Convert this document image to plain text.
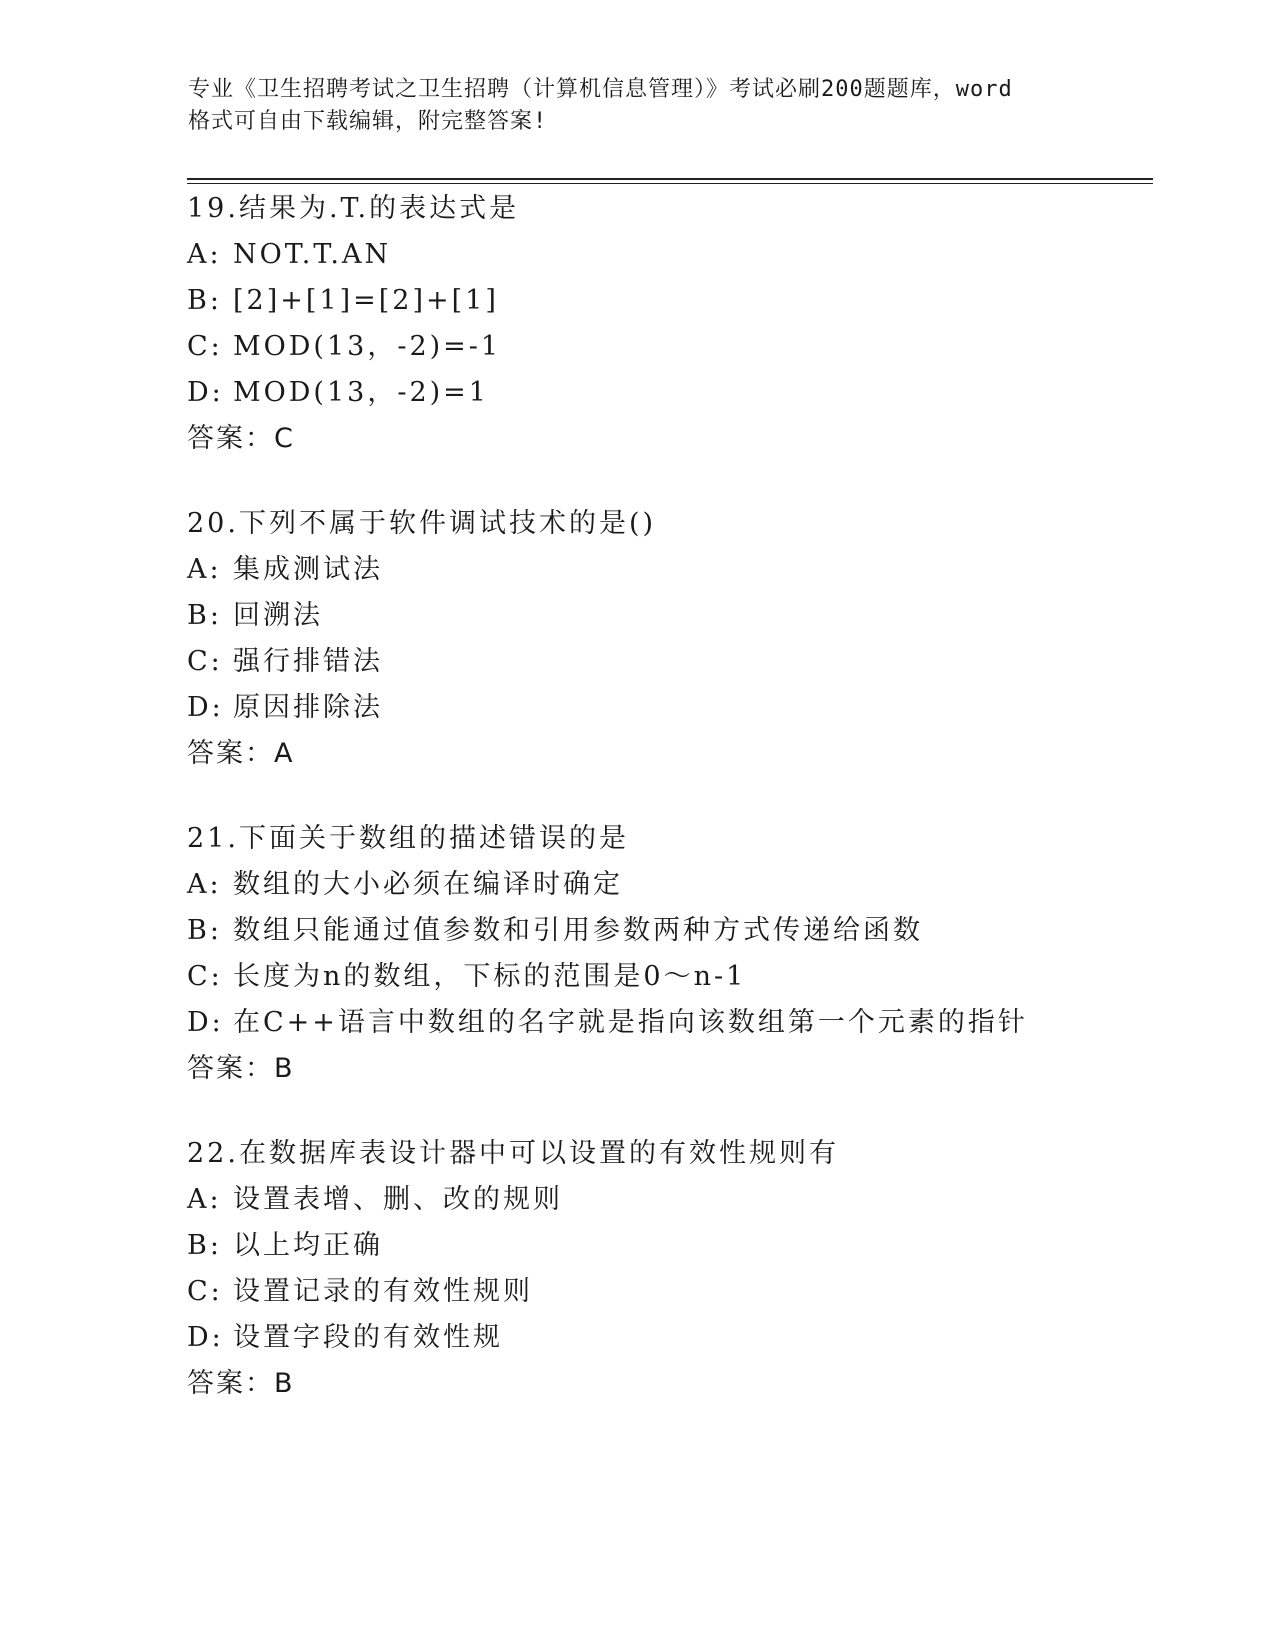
专业《卫生招聘考试之卫生招聘（计算机信息管理）》考试必刷200题题库，word
格式可自由下载编辑，附完整答案!
19.结果为.T.的表达式是
A: NOT.T.AN
B: [2]+[1]=[2]+[1]
C: MOD(13，-2)=-1
D: MOD(13，-2)=1
答案：C
20.下列不属于软件调试技术的是()
A: 集成测试法
B: 回溯法
C: 强行排错法
D: 原因排除法
答案：A
21.下面关于数组的描述错误的是
A: 数组的大小必须在编译时确定
B: 数组只能通过值参数和引用参数两种方式传递给函数
C: 长度为n的数组，下标的范围是0～n-1
D: 在C++语言中数组的名字就是指向该数组第一个元素的指针
答案：B
22.在数据库表设计器中可以设置的有效性规则有
A: 设置表增、删、改的规则
B: 以上均正确
C: 设置记录的有效性规则
D: 设置字段的有效性规
答案：B
